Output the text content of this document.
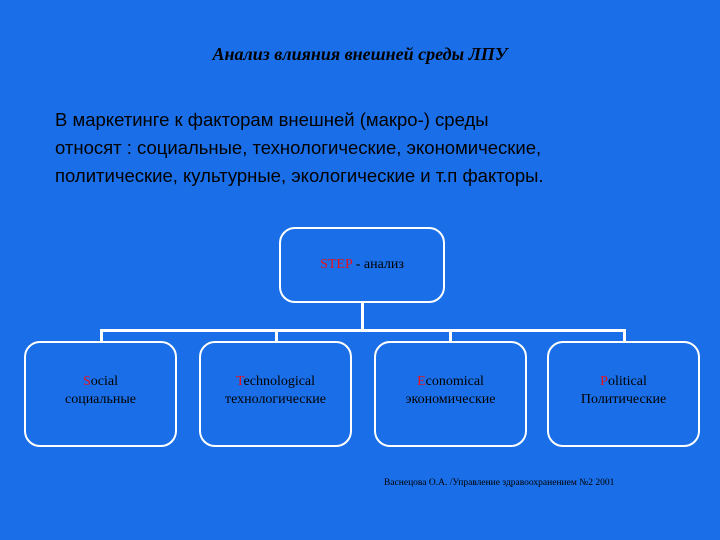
Анализ влияния внешней среды ЛПУ
В маркетинге к факторам внешней (макро-) среды
относят : социальные, технологические, экономические,
политические, культурные, экологические и т.п факторы.
STEP - анализ
Social
социальные
Technological
технологические
Economical
экономические
Political
Политические
Васнецова О.А. /Управление здравоохранением №2 2001
